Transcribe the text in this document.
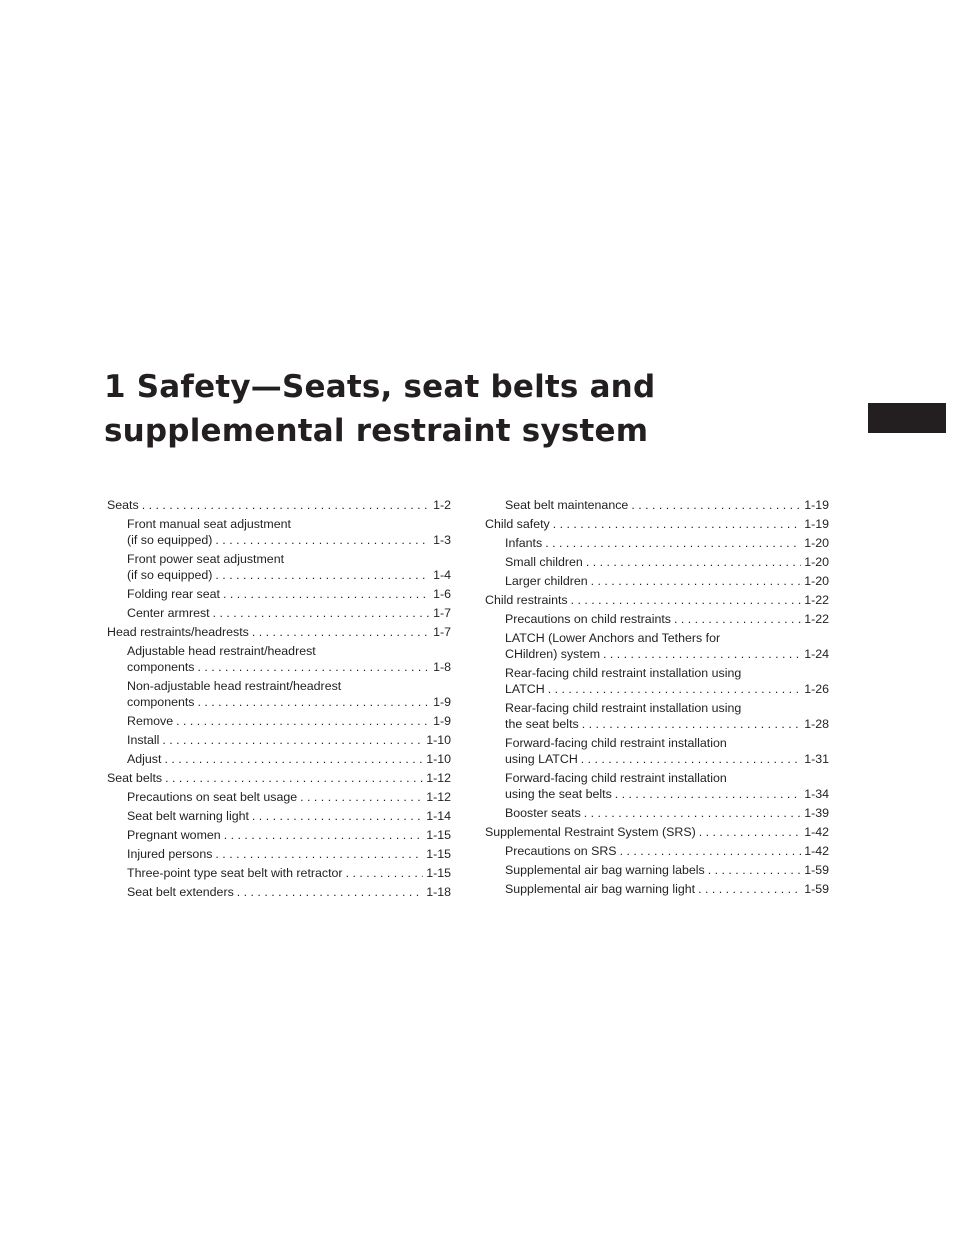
1 Safety—Seats, seat belts and
supplemental restraint system
Seats . . .	1-2
Front manual seat adjustment
(if so equipped) . . .	1-3
Front power seat adjustment
(if so equipped) . . .	1-4
Folding rear seat . . .	1-6
Center armrest . . .	1-7
Head restraints/headrests . . .	1-7
Adjustable head restraint/headrest
components . . .	1-8
Non-adjustable head restraint/headrest
components . . .	1-9
Remove . . .	1-9
Install . . .	1-10
Adjust . . .	1-10
Seat belts . . .	1-12
Precautions on seat belt usage . . .	1-12
Seat belt warning light . . .	1-14
Pregnant women . . .	1-15
Injured persons . . .	1-15
Three-point type seat belt with retractor . . .	1-15
Seat belt extenders . . .	1-18
Seat belt maintenance . . .	1-19
Child safety . . .	1-19
Infants . . .	1-20
Small children . . .	1-20
Larger children . . .	1-20
Child restraints . . .	1-22
Precautions on child restraints . . .	1-22
LATCH (Lower Anchors and Tethers for
CHildren) system . . .	1-24
Rear-facing child restraint installation using
LATCH . . .	1-26
Rear-facing child restraint installation using
the seat belts . . .	1-28
Forward-facing child restraint installation
using LATCH . . .	1-31
Forward-facing child restraint installation
using the seat belts . . .	1-34
Booster seats . . .	1-39
Supplemental Restraint System (SRS) . . .	1-42
Precautions on SRS . . .	1-42
Supplemental air bag warning labels . . .	1-59
Supplemental air bag warning light . . .	1-59
